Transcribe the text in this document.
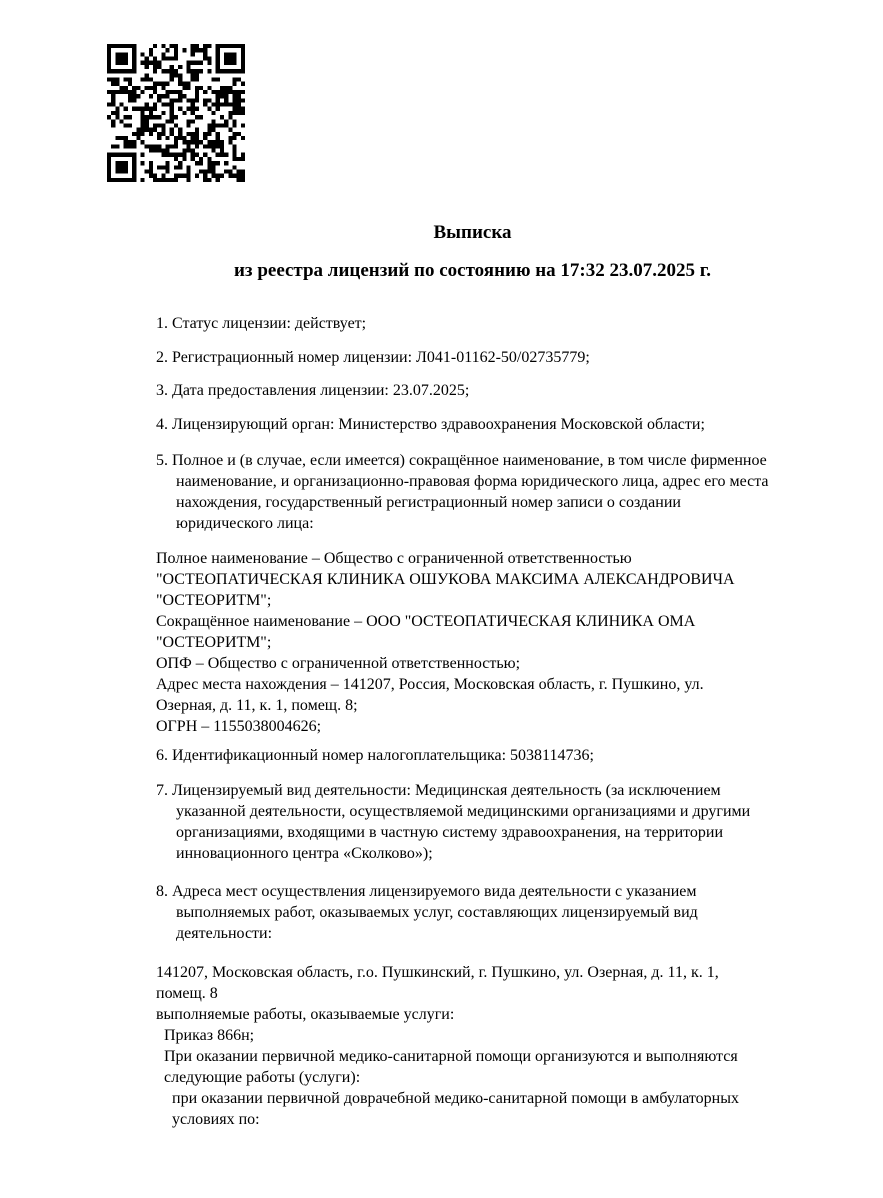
Выписка
из реестра лицензий по состоянию на 17:32 23.07.2025 г.
1. Статус лицензии: действует;
2. Регистрационный номер лицензии: Л041-01162-50/02735779;
3. Дата предоставления лицензии: 23.07.2025;
4. Лицензирующий орган: Министерство здравоохранения Московской области;
5. Полное и (в случае, если имеется) сокращённое наименование, в том числе фирменное
наименование, и организационно-правовая форма юридического лица, адрес его места
нахождения, государственный регистрационный номер записи о создании
юридического лица:
Полное наименование – Общество с ограниченной ответственностью
"ОСТЕОПАТИЧЕСКАЯ КЛИНИКА ОШУКОВА МАКСИМА АЛЕКСАНДРОВИЧА
"ОСТЕОРИТМ";
Сокращённое наименование – ООО "ОСТЕОПАТИЧЕСКАЯ КЛИНИКА ОМА
"ОСТЕОРИТМ";
ОПФ – Общество с ограниченной ответственностью;
Адрес места нахождения – 141207, Россия, Московская область, г. Пушкино, ул.
Озерная, д. 11, к. 1, помещ. 8;
ОГРН – 1155038004626;
6. Идентификационный номер налогоплательщика: 5038114736;
7. Лицензируемый вид деятельности: Медицинская деятельность (за исключением
указанной деятельности, осуществляемой медицинскими организациями и другими
организациями, входящими в частную систему здравоохранения, на территории
инновационного центра «Сколково»);
8. Адреса мест осуществления лицензируемого вида деятельности с указанием
выполняемых работ, оказываемых услуг, составляющих лицензируемый вид
деятельности:
141207, Московская область, г.о. Пушкинский, г. Пушкино, ул. Озерная, д. 11, к. 1,
помещ. 8
выполняемые работы, оказываемые услуги:
Приказ 866н;
При оказании первичной медико-санитарной помощи организуются и выполняются
следующие работы (услуги):
при оказании первичной доврачебной медико-санитарной помощи в амбулаторных
условиях по:
